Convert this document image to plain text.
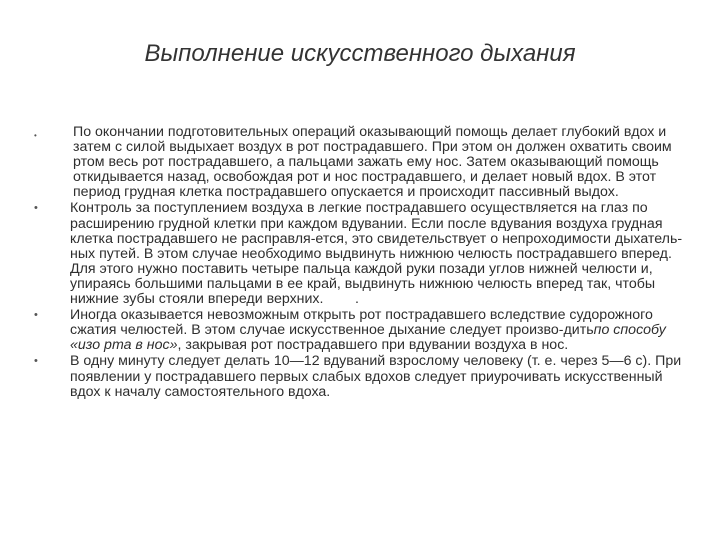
Выполнение искусственного дыхания
•	По окончании подготовительных операций оказывающий помощь делает глубокий вдох и затем с силой выдыхает воздух в рот пострадавшего. При этом он должен охватить своим ртом весь рот пострадавшего, а пальцами зажать ему нос. Затем оказывающий помощь откидывается назад, освобождая рот и нос пострадавшего, и делает новый вдох. В этот период грудная клетка пострадавшего опускается и происходит пассивный выдох.
•	Контроль за поступлением воздуха в легкие пострадавшего осуществляется на глаз по расширению грудной клетки при каждом вдувании. Если после вдувания воздуха грудная клетка пострадавшего не расправля-ется, это свидетельствует о непроходимости дыхатель-ных путей. В этом случае необходимо выдвинуть нижнюю челюсть пострадавшего вперед. Для этого нужно поставить четыре пальца каждой руки позади углов нижней челюсти и, упираясь большими пальцами в ее край, выдвинуть нижнюю челюсть вперед так, чтобы нижние зубы стояли впереди верхних.        .
•	Иногда оказывается невозможным открыть рот пострадавшего вследствие судорожного сжатия челюстей. В этом случае искусственное дыхание следует произво-дитьпо способу «изо рта в нос», закрывая рот пострадавшего при вдувании воздуха в нос.
•	В одну минуту следует делать 10—12 вдуваний взрослому человеку (т. е. через 5—6 с). При появлении у пострадавшего первых слабых вдохов следует приурочивать искусственный вдох к началу самостоятельного вдоха.
